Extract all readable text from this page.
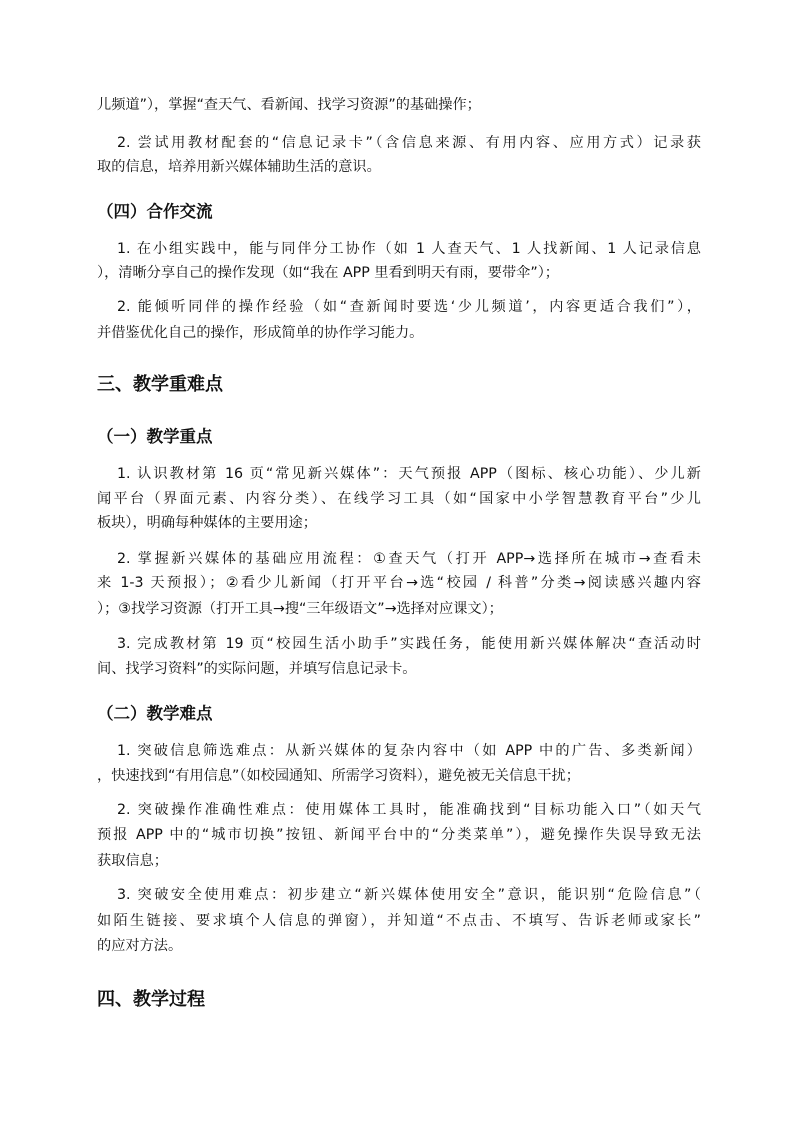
儿频道”），掌握“查天气、看新闻、找学习资源”的基础操作；
2. 尝试用教材配套的“信息记录卡”（含信息来源、有用内容、应用方式）记录获
取的信息，培养用新兴媒体辅助生活的意识。
（四）合作交流
1. 在小组实践中，能与同伴分工协作（如 1 人查天气、1 人找新闻、1 人记录信息
），清晰分享自己的操作发现（如“我在 APP 里看到明天有雨，要带伞”）；
2. 能倾听同伴的操作经验（如“查新闻时要选‘少儿频道’，内容更适合我们”），
并借鉴优化自己的操作，形成简单的协作学习能力。
三、教学重难点
（一）教学重点
1. 认识教材第 16 页“常见新兴媒体”：天气预报 APP（图标、核心功能）、少儿新
闻平台（界面元素、内容分类）、在线学习工具（如“国家中小学智慧教育平台”少儿
板块），明确每种媒体的主要用途；
2. 掌握新兴媒体的基础应用流程：①查天气（打开 APP→选择所在城市→查看未
来 1-3 天预报）；②看少儿新闻（打开平台→选“校园 / 科普”分类→阅读感兴趣内容
）；③找学习资源（打开工具→搜“三年级语文”→选择对应课文）；
3. 完成教材第 19 页“校园生活小助手”实践任务，能使用新兴媒体解决“查活动时
间、找学习资料”的实际问题，并填写信息记录卡。
（二）教学难点
1. 突破信息筛选难点：从新兴媒体的复杂内容中（如 APP 中的广告、多类新闻）
，快速找到“有用信息”（如校园通知、所需学习资料），避免被无关信息干扰；
2. 突破操作准确性难点：使用媒体工具时，能准确找到“目标功能入口”（如天气
预报 APP 中的“城市切换”按钮、新闻平台中的“分类菜单”），避免操作失误导致无法
获取信息；
3. 突破安全使用难点：初步建立“新兴媒体使用安全”意识，能识别“危险信息”（
如陌生链接、要求填个人信息的弹窗），并知道“不点击、不填写、告诉老师或家长”
的应对方法。
四、教学过程
